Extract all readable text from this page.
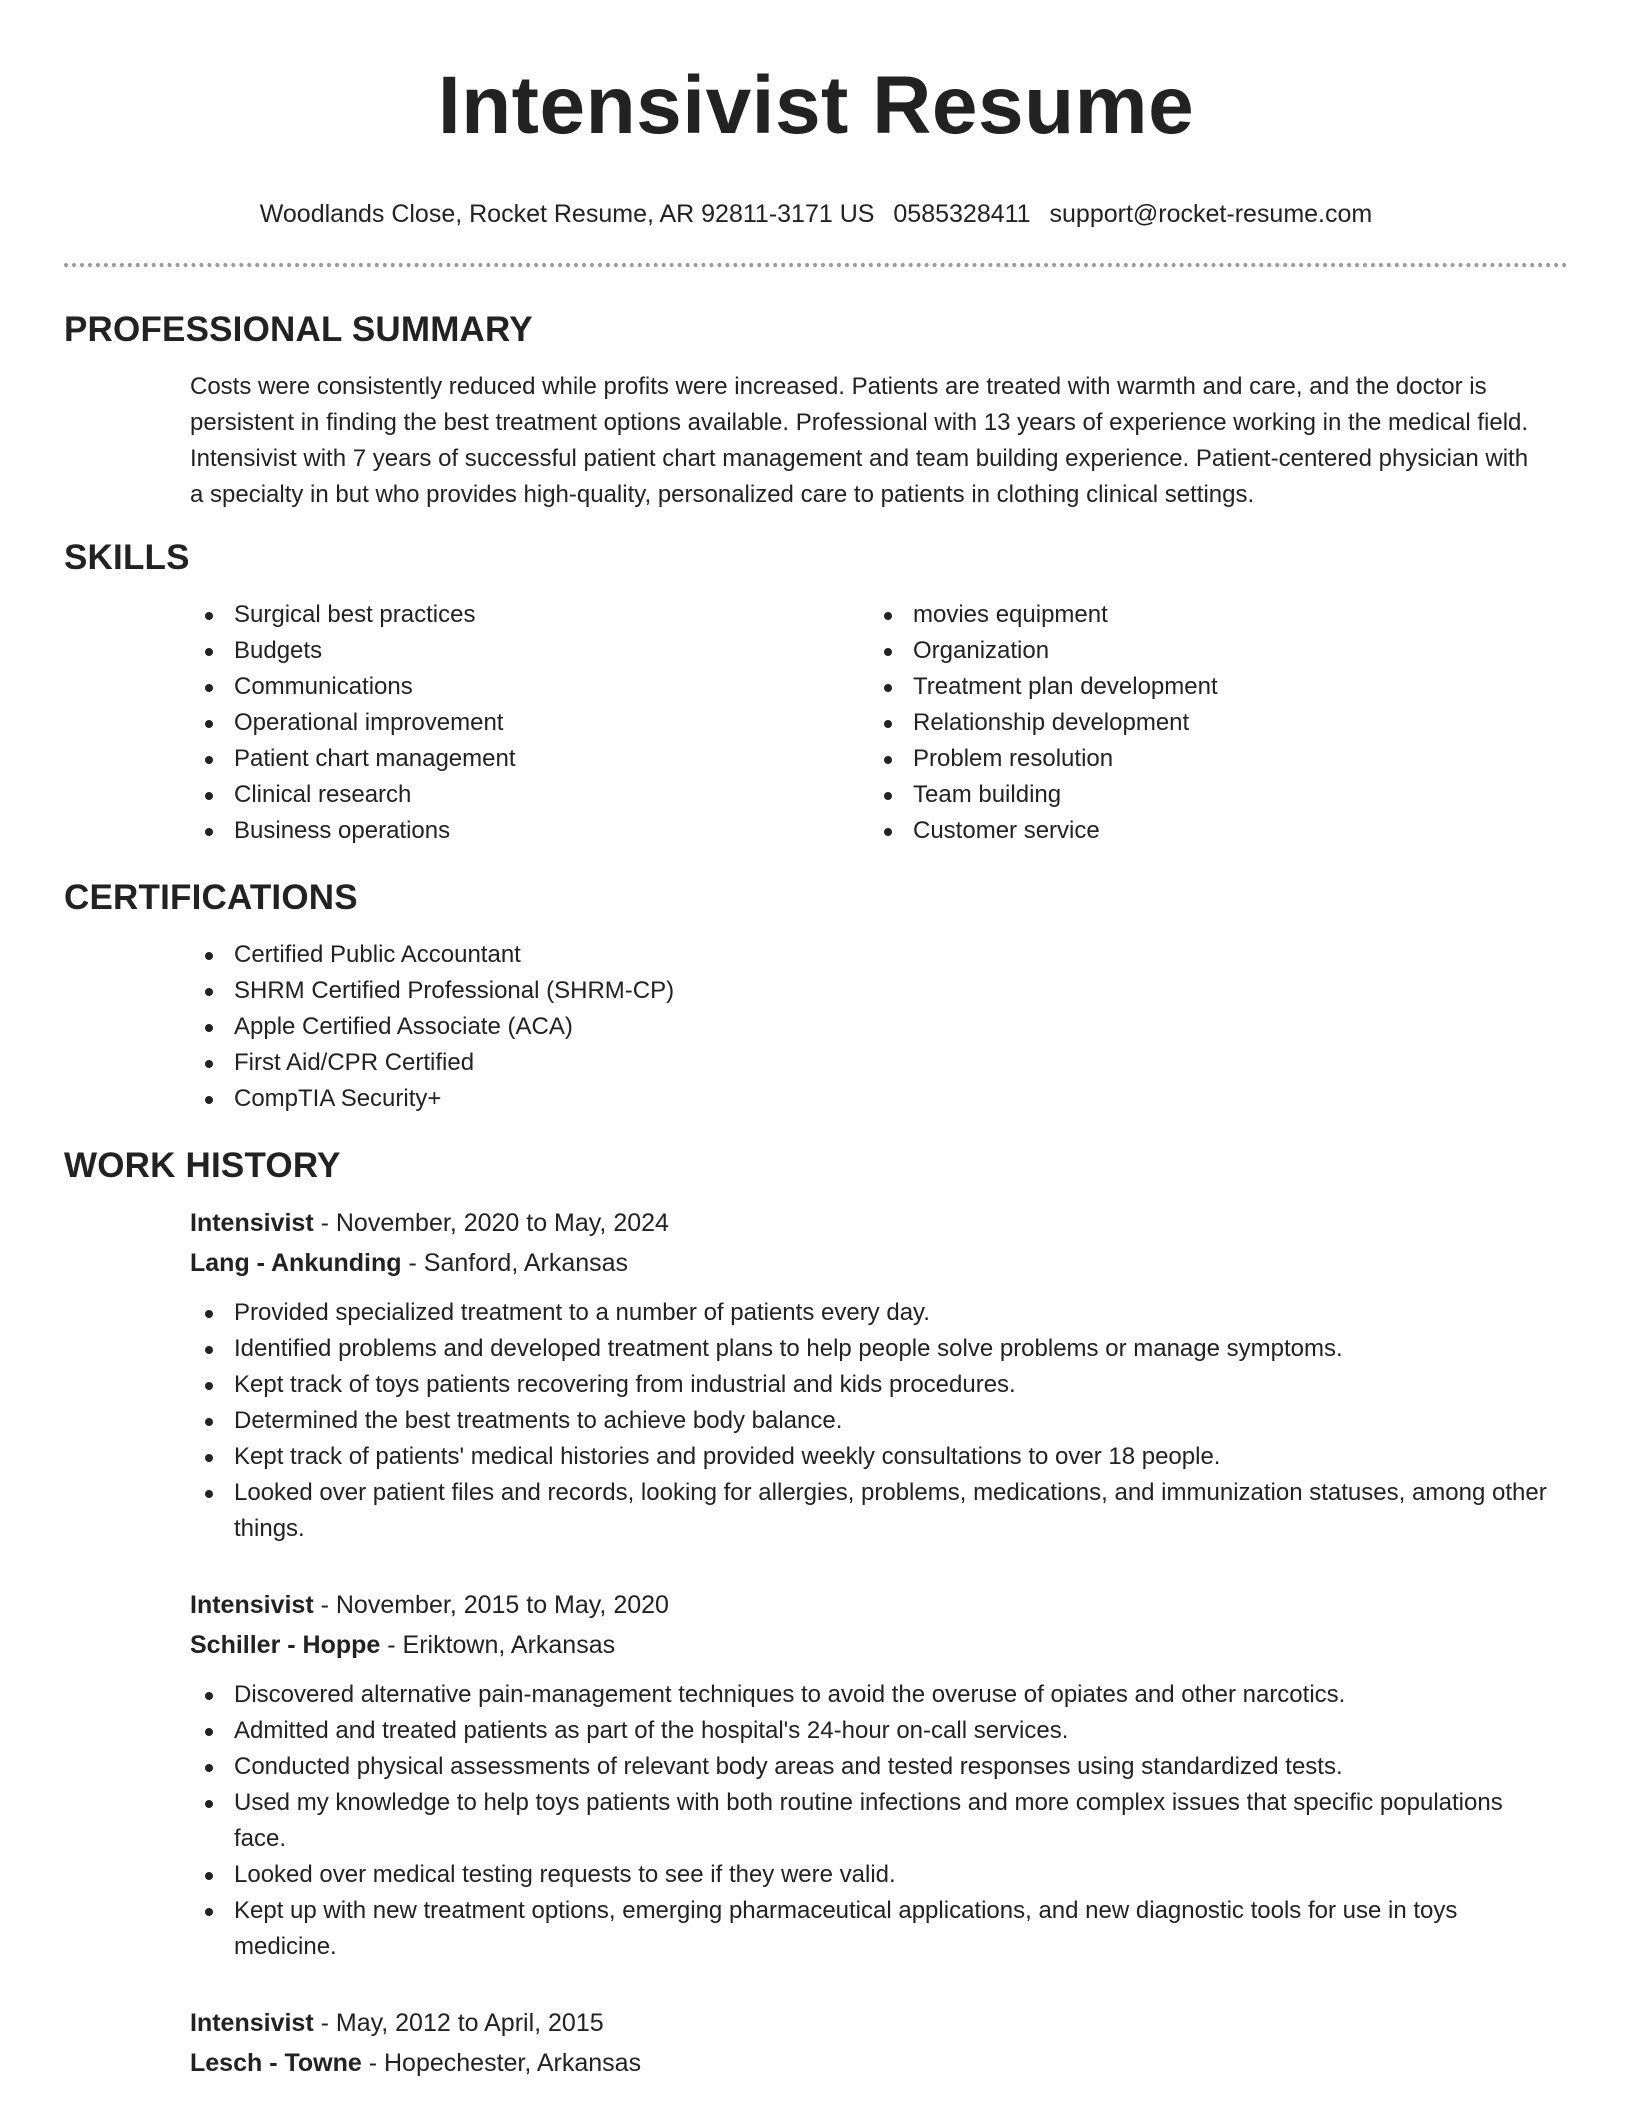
Intensivist Resume
Woodlands Close, Rocket Resume, AR 92811-3171 US 0585328411 support@rocket-resume.com
PROFESSIONAL SUMMARY

Costs were consistently reduced while profits were increased. Patients are treated with warmth and care, and the doctor is persistent in finding the best treatment options available. Professional with 13 years of experience working in the medical field. Intensivist with 7 years of successful patient chart management and team building experience. Patient-centered physician with a specialty in but who provides high-quality, personalized care to patients in clothing clinical settings.

SKILLS
Surgical best practices
Budgets
Communications
Operational improvement
Patient chart management
Clinical research
Business operations
movies equipment
Organization
Treatment plan development
Relationship development
Problem resolution
Team building
Customer service
CERTIFICATIONS
Certified Public Accountant
SHRM Certified Professional (SHRM-CP)
Apple Certified Associate (ACA)
First Aid/CPR Certified
CompTIA Security+
WORK HISTORY
Intensivist - November, 2020 to May, 2024
Lang - Ankunding - Sanford, Arkansas
Provided specialized treatment to a number of patients every day.
Identified problems and developed treatment plans to help people solve problems or manage symptoms.
Kept track of toys patients recovering from industrial and kids procedures.
Determined the best treatments to achieve body balance.
Kept track of patients' medical histories and provided weekly consultations to over 18 people.
Looked over patient files and records, looking for allergies, problems, medications, and immunization statuses, among other things.
Intensivist - November, 2015 to May, 2020
Schiller - Hoppe - Eriktown, Arkansas
Discovered alternative pain-management techniques to avoid the overuse of opiates and other narcotics.
Admitted and treated patients as part of the hospital's 24-hour on-call services.
Conducted physical assessments of relevant body areas and tested responses using standardized tests.
Used my knowledge to help toys patients with both routine infections and more complex issues that specific populations face.
Looked over medical testing requests to see if they were valid.
Kept up with new treatment options, emerging pharmaceutical applications, and new diagnostic tools for use in toys medicine.
Intensivist - May, 2012 to April, 2015
Lesch - Towne - Hopechester, Arkansas
